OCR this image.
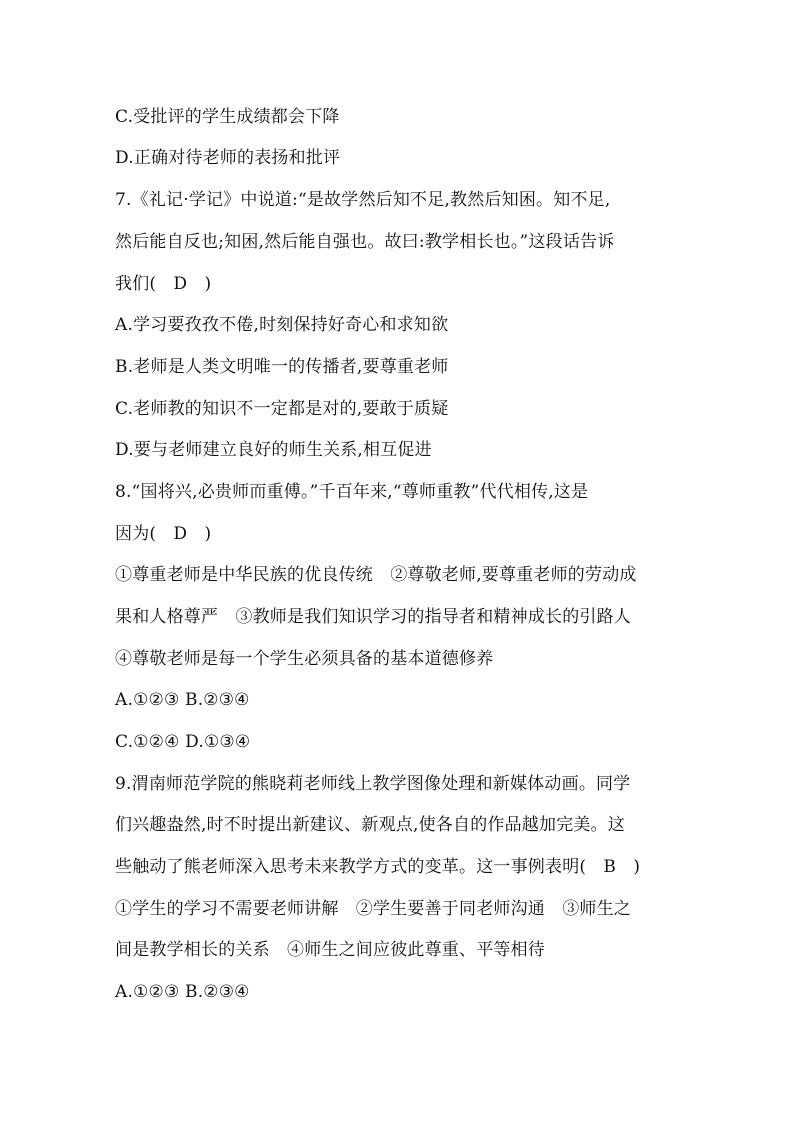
C.受批评的学生成绩都会下降
D.正确对待老师的表扬和批评
7.《礼记·学记》中说道:“是故学然后知不足,教然后知困。知不足,
然后能自反也;知困,然后能自强也。故曰:教学相长也。”这段话告诉
我们(　D　)
A.学习要孜孜不倦,时刻保持好奇心和求知欲
B.老师是人类文明唯一的传播者,要尊重老师
C.老师教的知识不一定都是对的,要敢于质疑
D.要与老师建立良好的师生关系,相互促进
8.“国将兴,必贵师而重傅。”千百年来,“尊师重教”代代相传,这是
因为(　D　)
①尊重老师是中华民族的优良传统　②尊敬老师,要尊重老师的劳动成
果和人格尊严　③教师是我们知识学习的指导者和精神成长的引路人
④尊敬老师是每一个学生必须具备的基本道德修养
A.①②③ B.②③④
C.①②④ D.①③④
9.渭南师范学院的熊晓莉老师线上教学图像处理和新媒体动画。同学
们兴趣盎然,时不时提出新建议、新观点,使各自的作品越加完美。这
些触动了熊老师深入思考未来教学方式的变革。这一事例表明(　B　)
①学生的学习不需要老师讲解　②学生要善于同老师沟通　③师生之
间是教学相长的关系　④师生之间应彼此尊重、平等相待
A.①②③ B.②③④
